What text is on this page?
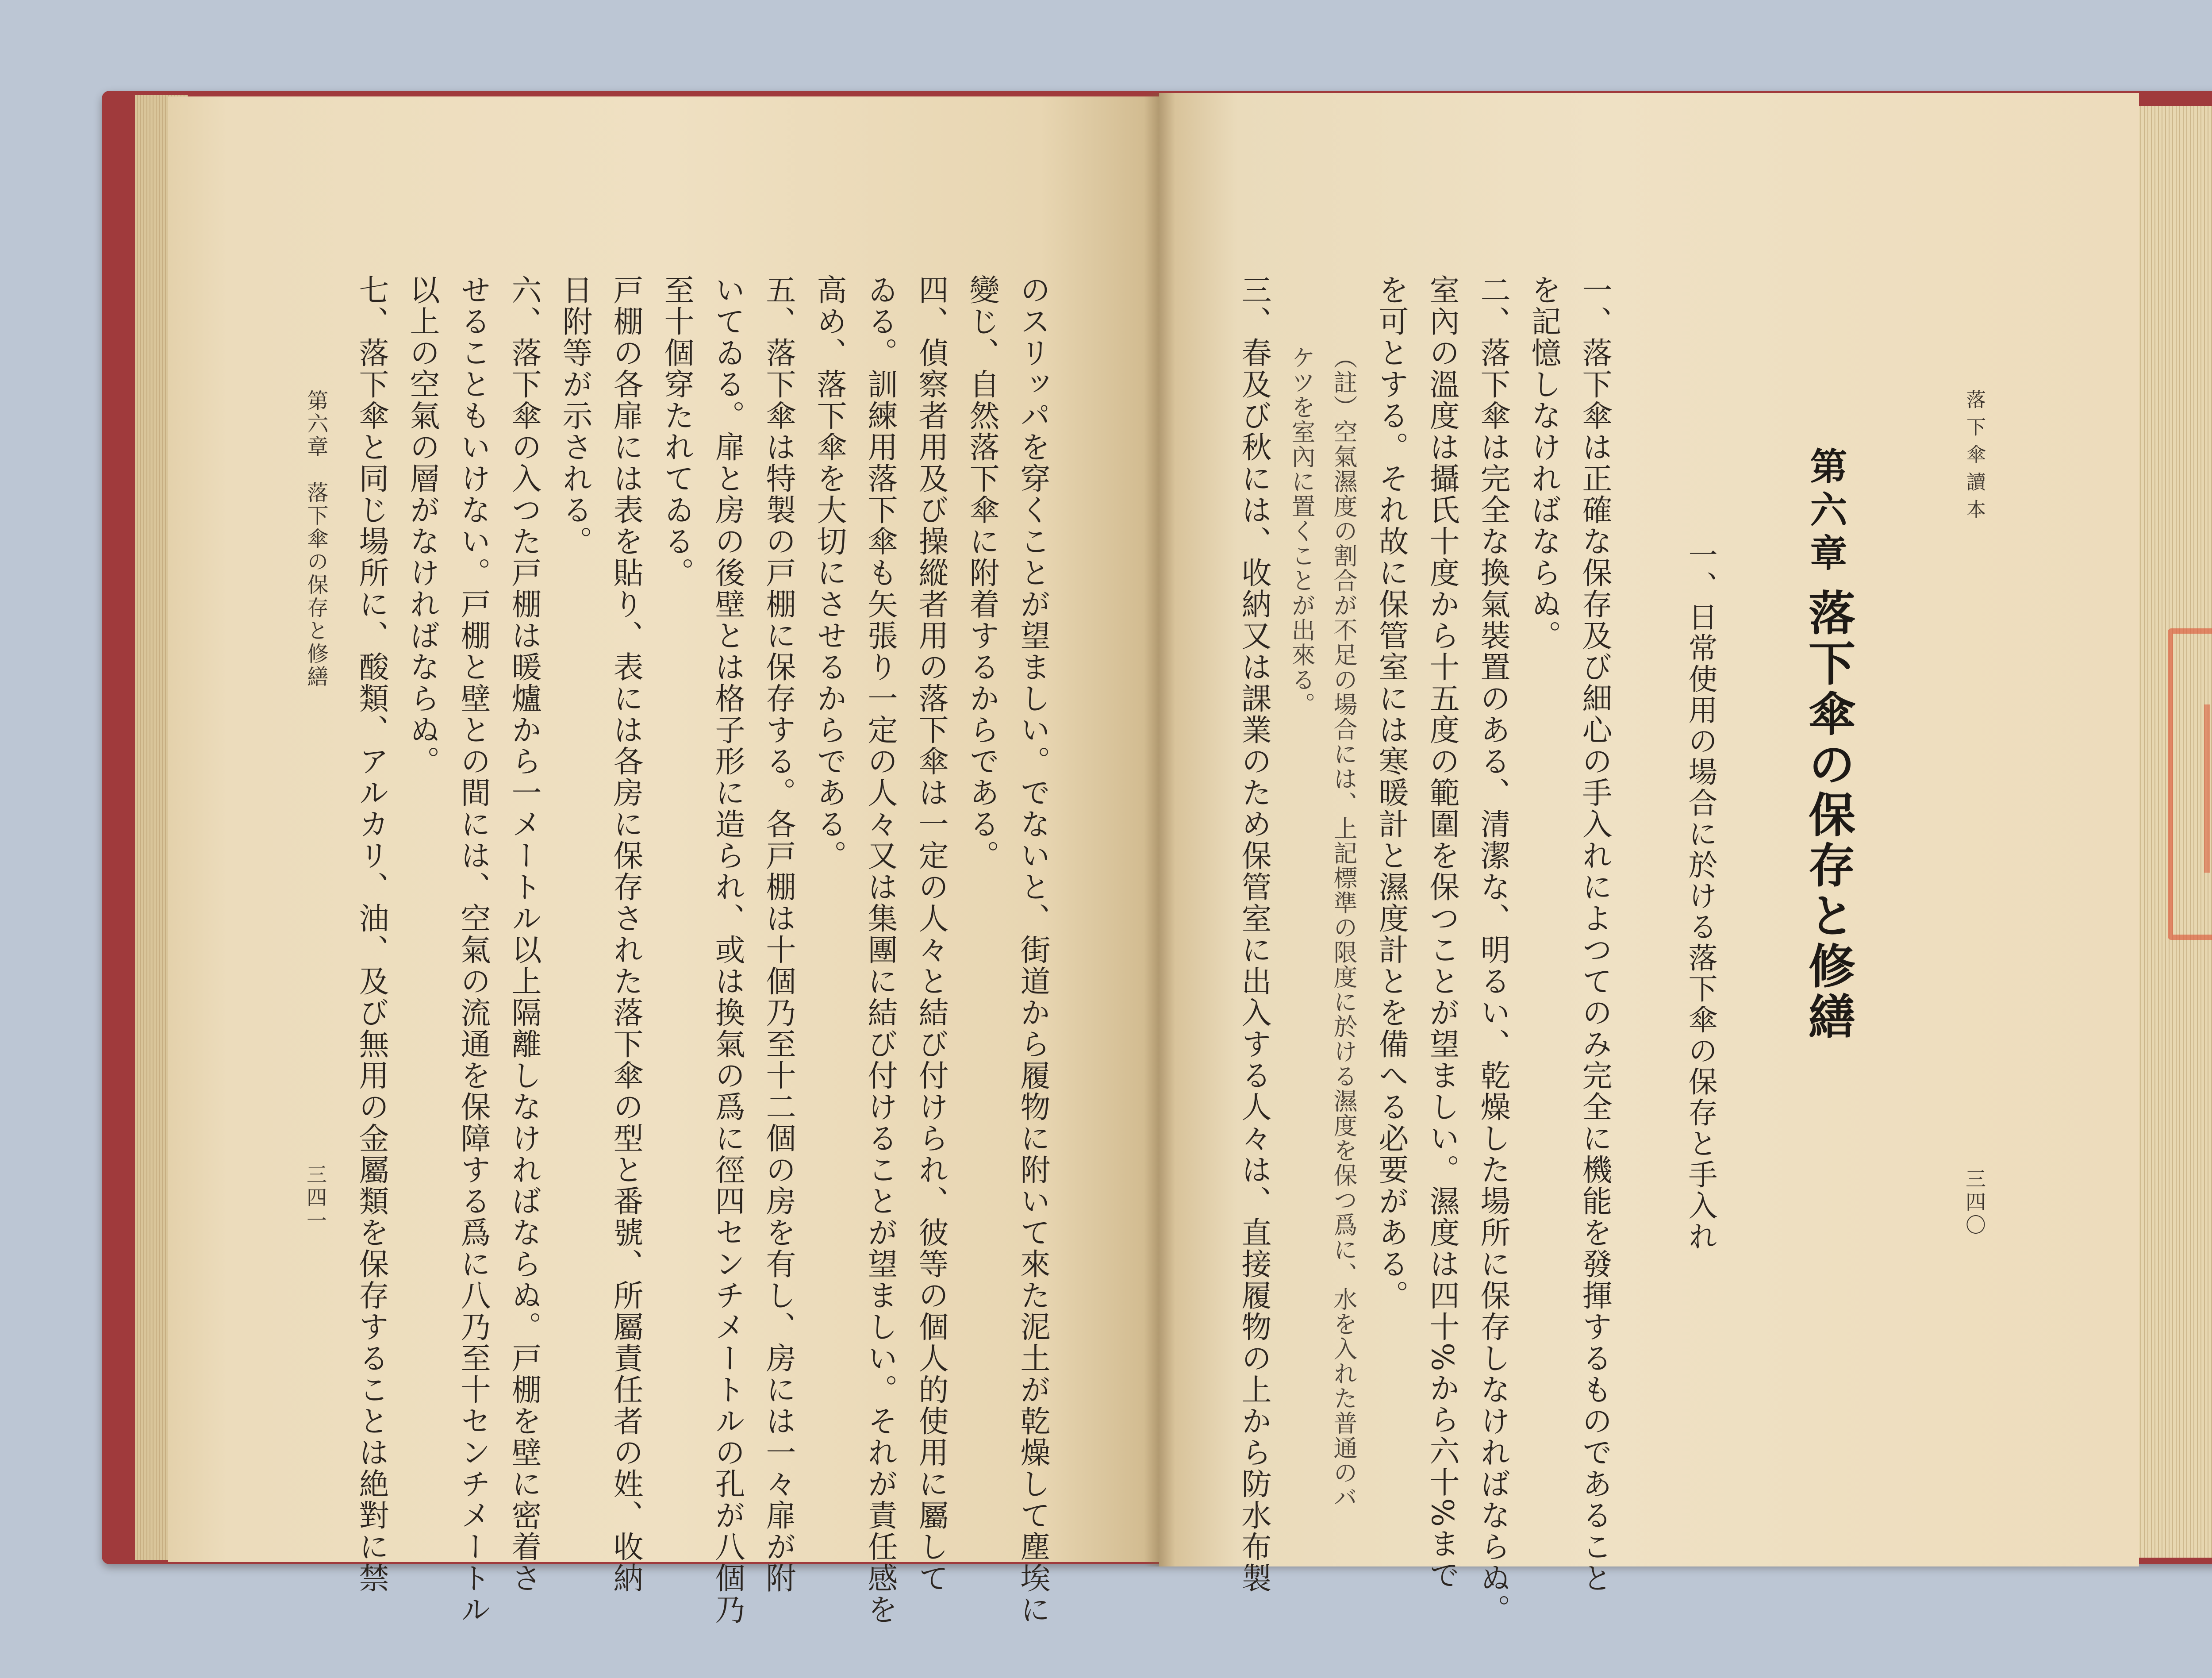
のスリッパを穿くことが望ましい。でないと、街道から履物に附いて來た泥土が乾燥して塵埃に
變じ、自然落下傘に附着するからである。
四、偵察者用及び操縱者用の落下傘は一定の人々と結び付けられ、彼等の個人的使用に屬して
ゐる。訓練用落下傘も矢張り一定の人々又は集團に結び付けることが望ましい。それが責任感を
高め、落下傘を大切にさせるからである。
五、落下傘は特製の戸棚に保存する。各戸棚は十個乃至十二個の房を有し、房には一々扉が附
いてゐる。扉と房の後壁とは格子形に造られ、或は換氣の爲に徑四センチメートルの孔が八個乃
至十個穿たれてゐる。
戸棚の各扉には表を貼り、表には各房に保存された落下傘の型と番號、所屬責任者の姓、收納
日附等が示される。
六、落下傘の入つた戸棚は暖爐から一メートル以上隔離しなければならぬ。戸棚を壁に密着さ
せることもいけない。戸棚と壁との間には、空氣の流通を保障する爲に八乃至十センチメートル
以上の空氣の層がなければならぬ。
七、落下傘と同じ場所に、酸類、アルカリ、油、及び無用の金屬類を保存することは絶對に禁
第六章　落下傘の保存と修繕
三四一
落下傘讀本
三四〇
第六章
落下傘の保存と修繕
一、日常使用の場合に於ける落下傘の保存と手入れ
一、落下傘は正確な保存及び細心の手入れによつてのみ完全に機能を發揮するものであること
を記憶しなければならぬ。
二、落下傘は完全な換氣裝置のある、清潔な、明るい、乾燥した場所に保存しなければならぬ。
室內の溫度は攝氏十度から十五度の範圍を保つことが望ましい。濕度は四十%から六十%まで
を可とする。それ故に保管室には寒暖計と濕度計とを備へる必要がある。
（註）空氣濕度の割合が不足の場合には、上記標準の限度に於ける濕度を保つ爲に、水を入れた普通のバ
ケツを室內に置くことが出來る。
三、春及び秋には、收納又は課業のため保管室に出入する人々は、直接履物の上から防水布製
